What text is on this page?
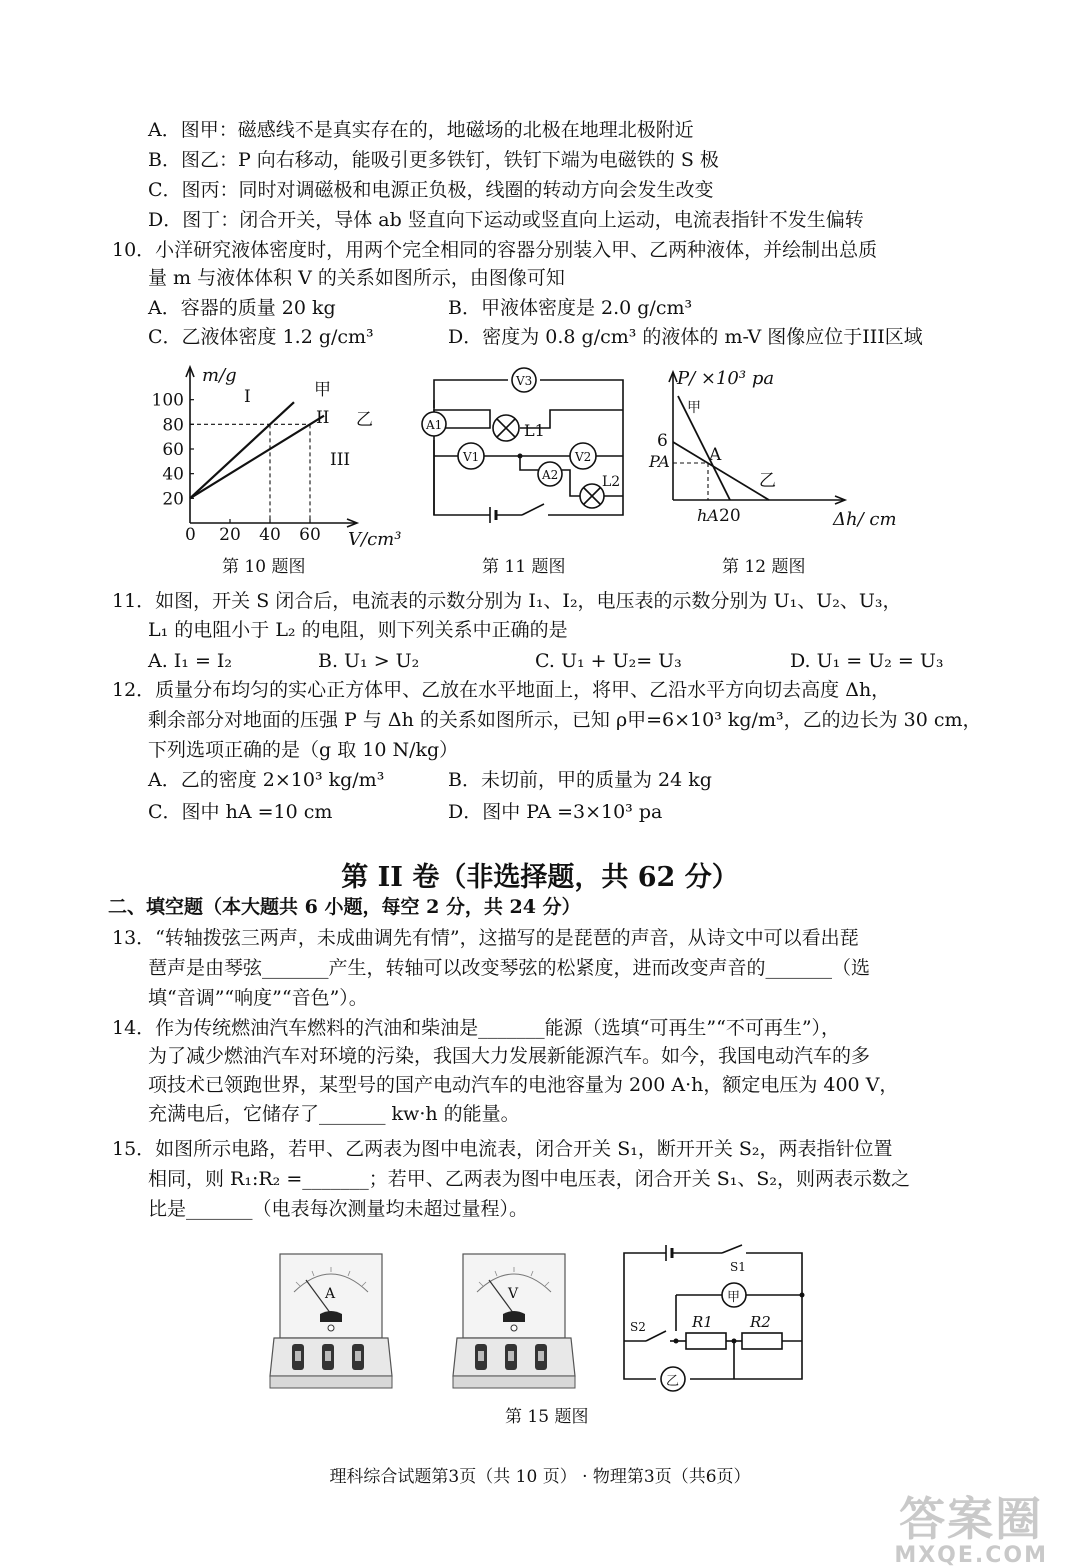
A．图甲：磁感线不是真实存在的，地磁场的北极在地理北极附近
B．图乙：P 向右移动，能吸引更多铁钉，铁钉下端为电磁铁的 S 极
C．图丙：同时对调磁极和电源正负极，线圈的转动方向会发生改变
D．图丁：闭合开关，导体 ab 竖直向下运动或竖直向上运动，电流表指针不发生偏转
10．小洋研究液体密度时，用两个完全相同的容器分别装入甲、乙两种液体，并绘制出总质
量 m 与液体体积 V 的关系如图所示，由图像可知
A．容器的质量 20 kg	B．甲液体密度是 2.0 g/cm³
C．乙液体密度 1.2 g/cm³	D．密度为 0.8 g/cm³ 的液体的 m-V 图像应位于III区域
20
40
60
80
100
20 40 60
m/g
V/cm³
0
I
II
III
甲
乙
第 10 题图
V3
A1	L1
V1	V2
A2	L2
第 11 题图
P/ ×10³ pa
6
PA A
hA 20	Δh/ cm
甲
乙
第 12 题图
11．如图，开关 S 闭合后，电流表的示数分别为 I₁、I₂，电压表的示数分别为 U₁、U₂、U₃，
L₁ 的电阻小于 L₂ 的电阻，则下列关系中正确的是
A. I₁ = I₂	B. U₁ > U₂	C. U₁ + U₂= U₃	D. U₁ = U₂ = U₃
12．质量分布均匀的实心正方体甲、乙放在水平地面上，将甲、乙沿水平方向切去高度 Δh，
剩余部分对地面的压强 P 与 Δh 的关系如图所示，已知 ρ甲=6×10³ kg/m³，乙的边长为 30 cm，
下列选项正确的是（g 取 10 N/kg）
A．乙的密度 2×10³ kg/m³	B．未切前，甲的质量为 24 kg
C．图中 hA =10 cm	D．图中 PA =3×10³ pa
第 II 卷（非选择题，共 62 分）
二、填空题（本大题共 6 小题，每空 2 分，共 24 分）
13．“转轴拨弦三两声，未成曲调先有情”，这描写的是琵琶的声音，从诗文中可以看出琵
琶声是由琴弦_______产生，转轴可以改变琴弦的松紧度，进而改变声音的_______（选
填“音调”“响度”“音色”）。
14．作为传统燃油汽车燃料的汽油和柴油是_______能源（选填“可再生”“不可再生”），
为了减少燃油汽车对环境的污染，我国大力发展新能源汽车。如今，我国电动汽车的多
项技术已领跑世界，某型号的国产电动汽车的电池容量为 200 A·h，额定电压为 400 V，
充满电后，它储存了_______ kw·h 的能量。
15．如图所示电路，若甲、乙两表为图中电流表，闭合开关 S₁，断开开关 S₂，两表指针位置
相同，则 R₁:R₂ =_______；若甲、乙两表为图中电压表，闭合开关 S₁、S₂，则两表示数之
比是_______（电表每次测量均未超过量程）。
A	V
S1
S2	R1 R2
甲
乙
第 15 题图
理科综合试题第3页（共 10 页） · 物理第3页（共6页）
答案圈
MXQE.COM
